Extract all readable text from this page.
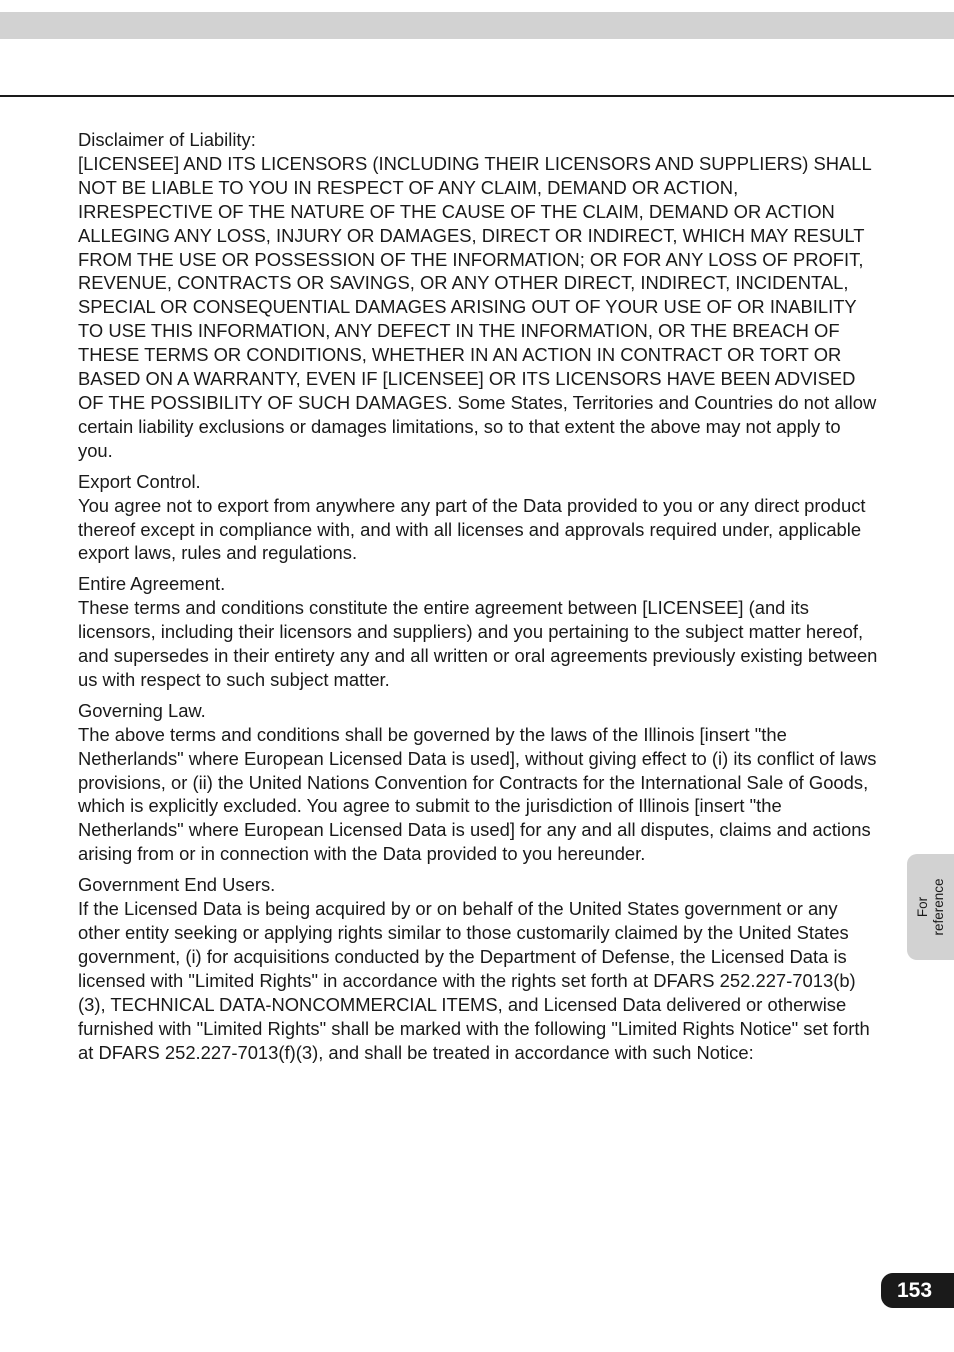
Disclaimer of Liability:
[LICENSEE] AND ITS LICENSORS (INCLUDING THEIR LICENSORS AND SUPPLIERS) SHALL NOT BE LIABLE TO YOU IN RESPECT OF ANY CLAIM, DEMAND OR ACTION, IRRESPECTIVE OF THE NATURE OF THE CAUSE OF THE CLAIM, DEMAND OR ACTION ALLEGING ANY LOSS, INJURY OR DAMAGES, DIRECT OR INDIRECT, WHICH MAY RESULT FROM THE USE OR POSSESSION OF THE INFORMATION; OR FOR ANY LOSS OF PROFIT, REVENUE, CONTRACTS OR SAVINGS, OR ANY OTHER DIRECT, INDIRECT, INCIDENTAL, SPECIAL OR CONSEQUENTIAL DAMAGES ARISING OUT OF YOUR USE OF OR INABILITY TO USE THIS INFORMATION, ANY DEFECT IN THE INFORMATION, OR THE BREACH OF THESE TERMS OR CONDITIONS, WHETHER IN AN ACTION IN CONTRACT OR TORT OR BASED ON A WARRANTY, EVEN IF [LICENSEE] OR ITS LICENSORS HAVE BEEN ADVISED OF THE POSSIBILITY OF SUCH DAMAGES. Some States, Territories and Countries do not allow certain liability exclusions or damages limitations, so to that extent the above may not apply to you.
Export Control.
You agree not to export from anywhere any part of the Data provided to you or any direct product thereof except in compliance with, and with all licenses and approvals required under, applicable export laws, rules and regulations.
Entire Agreement.
These terms and conditions constitute the entire agreement between [LICENSEE] (and its licensors, including their licensors and suppliers) and you pertaining to the subject matter hereof, and supersedes in their entirety any and all written or oral agreements previously existing between us with respect to such subject matter.
Governing Law.
The above terms and conditions shall be governed by the laws of the Illinois [insert "the Netherlands" where European Licensed Data is used], without giving effect to (i) its conflict of laws provisions, or (ii) the United Nations Convention for Contracts for the International Sale of Goods, which is explicitly excluded. You agree to submit to the jurisdiction of Illinois [insert "the Netherlands" where European Licensed Data is used] for any and all disputes, claims and actions arising from or in connection with the Data provided to you hereunder.
Government End Users.
If the Licensed Data is being acquired by or on behalf of the United States government or any other entity seeking or applying rights similar to those customarily claimed by the United States government, (i) for acquisitions conducted by the Department of Defense, the Licensed Data is licensed with "Limited Rights" in accordance with the rights set forth at DFARS 252.227-7013(b)(3), TECHNICAL DATA-NONCOMMERCIAL ITEMS, and Licensed Data delivered or otherwise furnished with "Limited Rights" shall be marked with the following "Limited Rights Notice" set forth at DFARS 252.227-7013(f)(3), and shall be treated in accordance with such Notice:
For reference
153
